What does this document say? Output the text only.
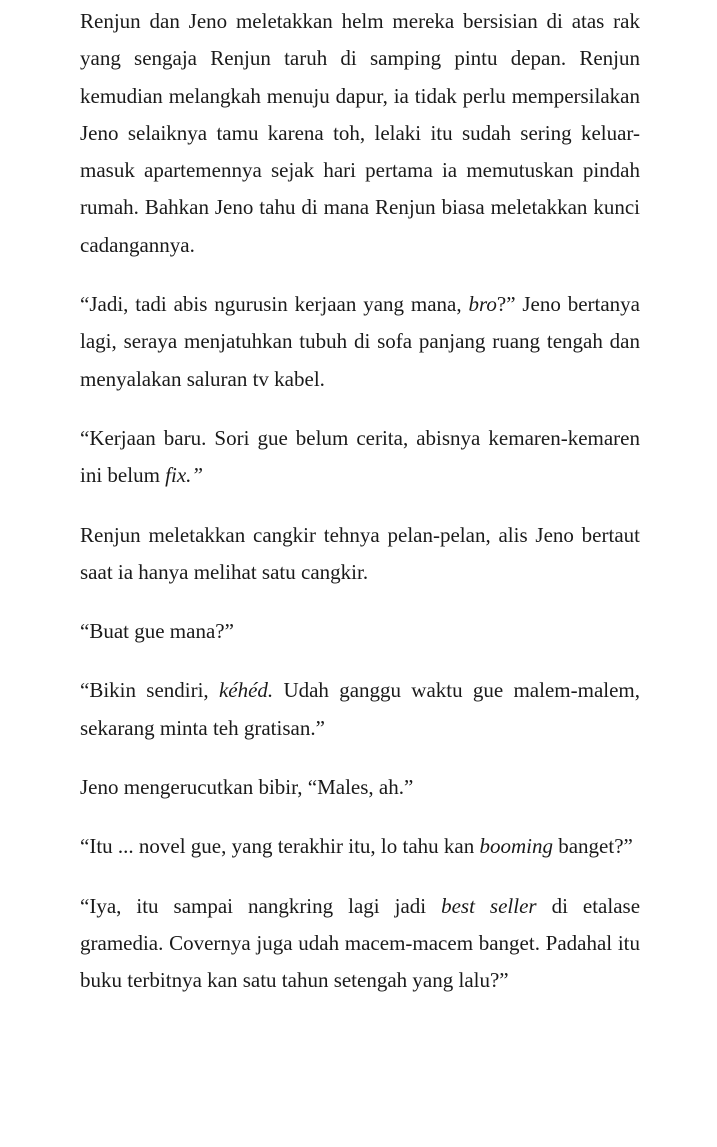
Renjun dan Jeno meletakkan helm mereka bersisian di atas rak yang sengaja Renjun taruh di samping pintu depan. Renjun kemudian melangkah menuju dapur, ia tidak perlu mempersilakan Jeno selaiknya tamu karena toh, lelaki itu sudah sering keluar-masuk apartemennya sejak hari pertama ia memutuskan pindah rumah. Bahkan Jeno tahu di mana Renjun biasa meletakkan kunci cadangannya.

“Jadi, tadi abis ngurusin kerjaan yang mana, bro?” Jeno bertanya lagi, seraya menjatuhkan tubuh di sofa panjang ruang tengah dan menyalakan saluran tv kabel.

“Kerjaan baru. Sori gue belum cerita, abisnya kemaren-kemaren ini belum fix.”

Renjun meletakkan cangkir tehnya pelan-pelan, alis Jeno bertaut saat ia hanya melihat satu cangkir.

“Buat gue mana?”

“Bikin sendiri, kéhéd. Udah ganggu waktu gue malem-malem, sekarang minta teh gratisan.”

Jeno mengerucutkan bibir, “Males, ah.”

“Itu ... novel gue, yang terakhir itu, lo tahu kan booming banget?”

“Iya, itu sampai nangkring lagi jadi best seller di etalase gramedia. Covernya juga udah macem-macem banget. Padahal itu buku terbitnya kan satu tahun setengah yang lalu?”
